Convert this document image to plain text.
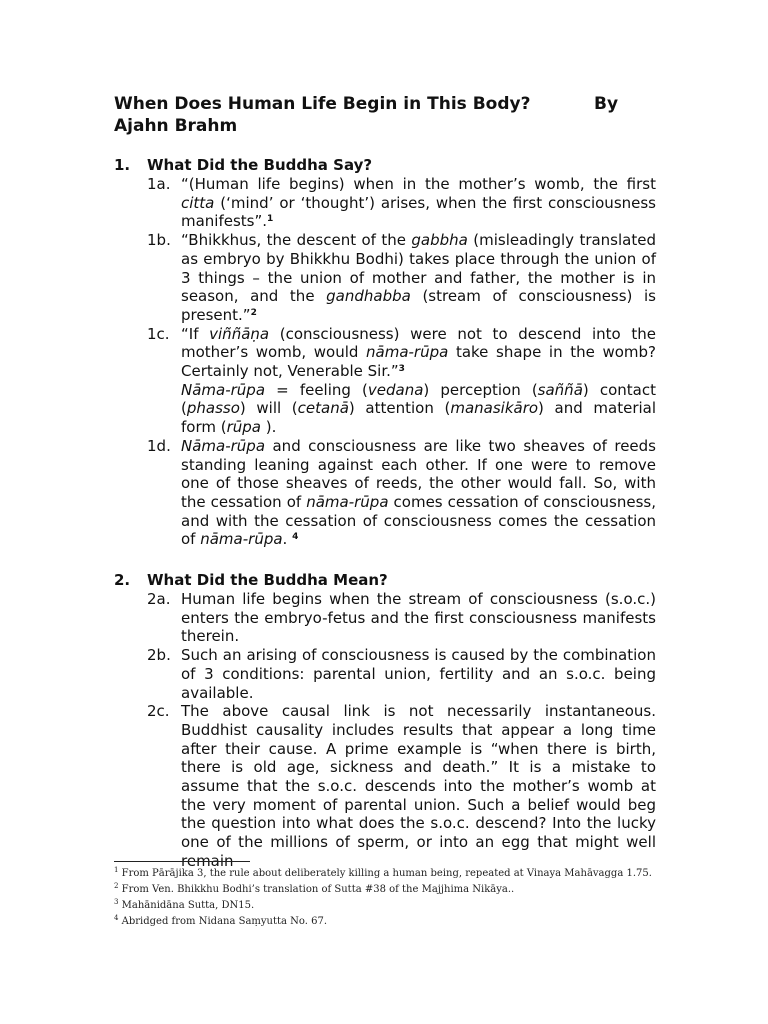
When Does Human Life Begin in This Body?	By
Ajahn Brahm
1. What Did the Buddha Say?
1a. “(Human life begins) when in the mother’s womb, the first citta (‘mind’ or ‘thought’) arises, when the first consciousness manifests”.$^1$
1b. “Bhikkhus, the descent of the gabbha (misleadingly translated as embryo by Bhikkhu Bodhi) takes place through the union of 3 things – the union of mother and father, the mother is in season, and the gandhabba (stream of consciousness) is present.”$^2$
1c. “If viññāṇa (consciousness) were not to descend into the mother’s womb, would nāma-rūpa take shape in the womb? Certainly not, Venerable Sir.”$^3$

Nāma-rūpa = feeling (vedana) perception (saññā) contact (phasso) will (cetanā) attention (manasikāro) and material form (rūpa ).

1d. Nāma-rūpa and consciousness are like two sheaves of reeds standing leaning against each other. If one were to remove one of those sheaves of reeds, the other would fall. So, with the cessation of nāma-rūpa comes cessation of consciousness, and with the cessation of consciousness comes the cessation of nāma-rūpa. $^4$
2. What Did the Buddha Mean?
2a. Human life begins when the stream of consciousness (s.o.c.) enters the embryo-fetus and the first consciousness manifests therein.
2b. Such an arising of consciousness is caused by the combination of 3 conditions: parental union, fertility and an s.o.c. being available.
2c. The above causal link is not necessarily instantaneous. Buddhist causality includes results that appear a long time after their cause. A prime example is “when there is birth, there is old age, sickness and death.” It is a mistake to assume that the s.o.c. descends into the mother’s womb at the very moment of parental union. Such a belief would beg the question into what does the s.o.c. descend? Into the lucky one of the millions of sperm, or into an egg that might well remain

$^1$ From Pārājika 3, the rule about deliberately killing a human being, repeated at Vinaya Mahāvagga 1.75.

$^2$ From Ven. Bhikkhu Bodhi’s translation of Sutta #38 of the Majjhima Nikāya..

$^3$ Mahānidāna Sutta, DN15.

$^4$ Abridged from Nidana Saṃyutta No. 67.
